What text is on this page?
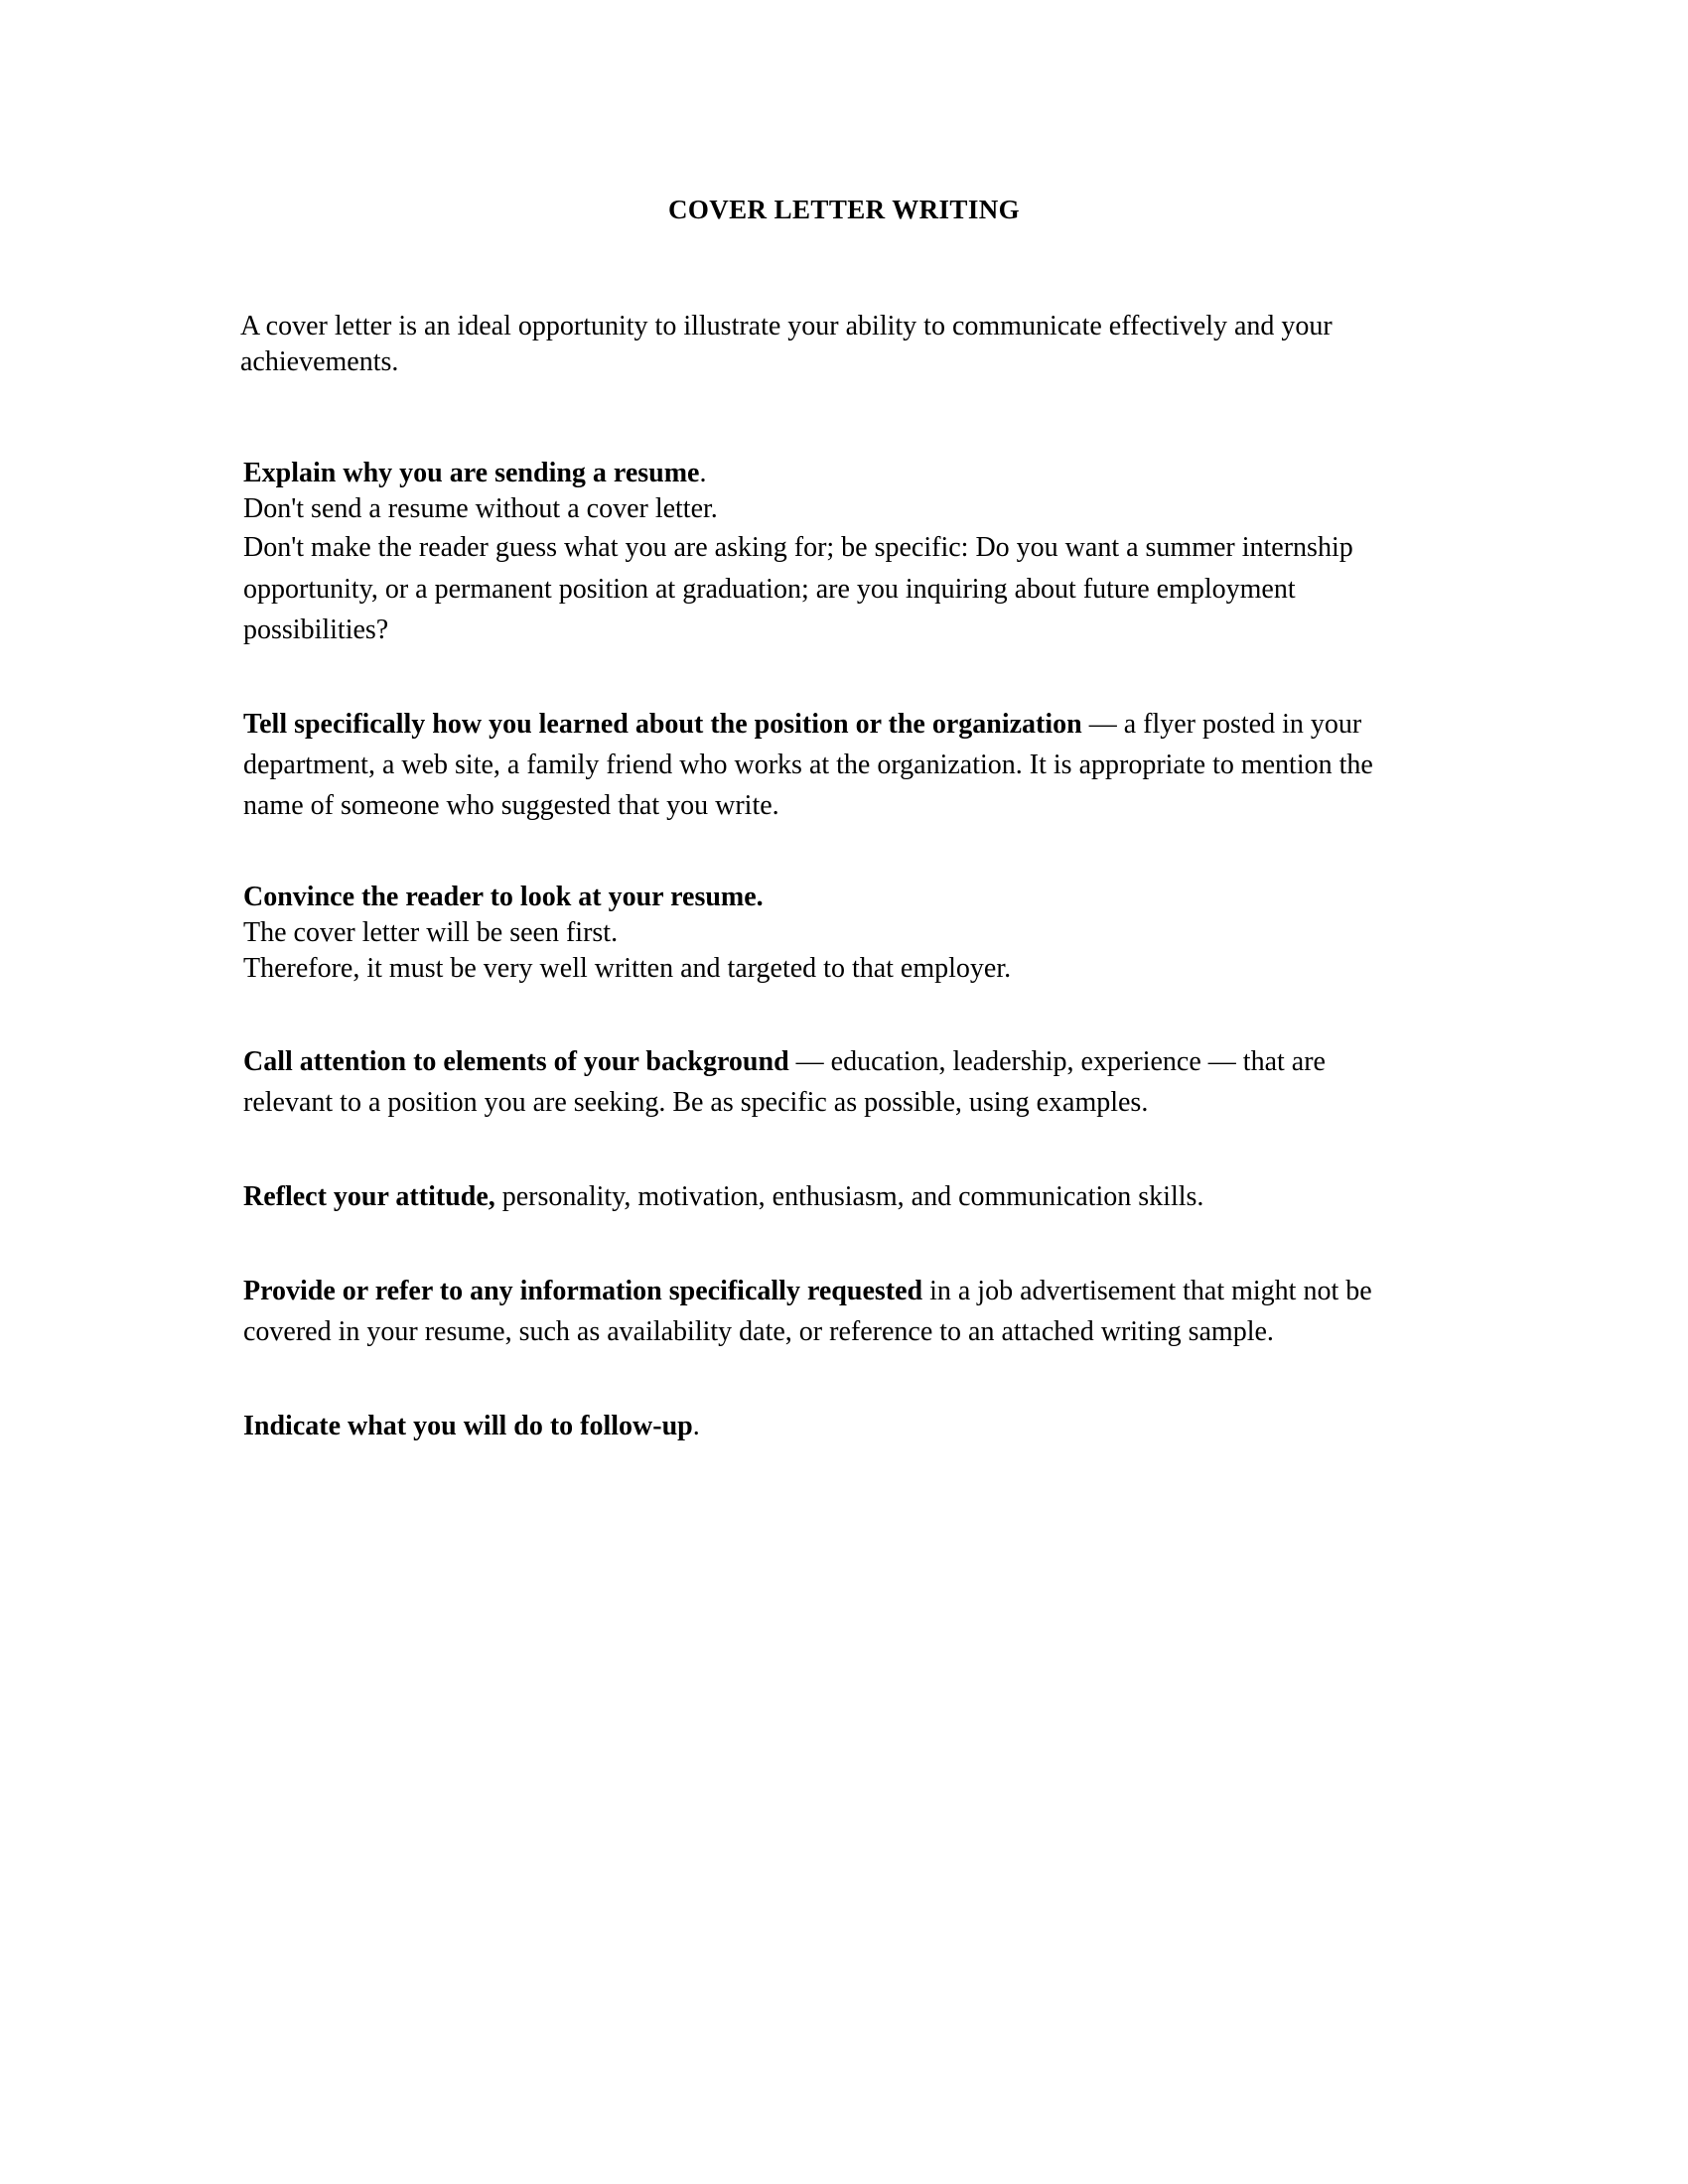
COVER LETTER WRITING

A cover letter is an ideal opportunity to illustrate your ability to communicate effectively and your achievements.

Explain why you are sending a resume.

Don't send a resume without a cover letter.

Don't make the reader guess what you are asking for; be specific: Do you want a summer internship opportunity, or a permanent position at graduation; are you inquiring about future employment possibilities?

Tell specifically how you learned about the position or the organization — a flyer posted in your department, a web site, a family friend who works at the organization. It is appropriate to mention the name of someone who suggested that you write.

Convince the reader to look at your resume.

The cover letter will be seen first.

Therefore, it must be very well written and targeted to that employer.

Call attention to elements of your background — education, leadership, experience — that are relevant to a position you are seeking. Be as specific as possible, using examples.

Reflect your attitude, personality, motivation, enthusiasm, and communication skills.

Provide or refer to any information specifically requested in a job advertisement that might not be covered in your resume, such as availability date, or reference to an attached writing sample.

Indicate what you will do to follow-up.
